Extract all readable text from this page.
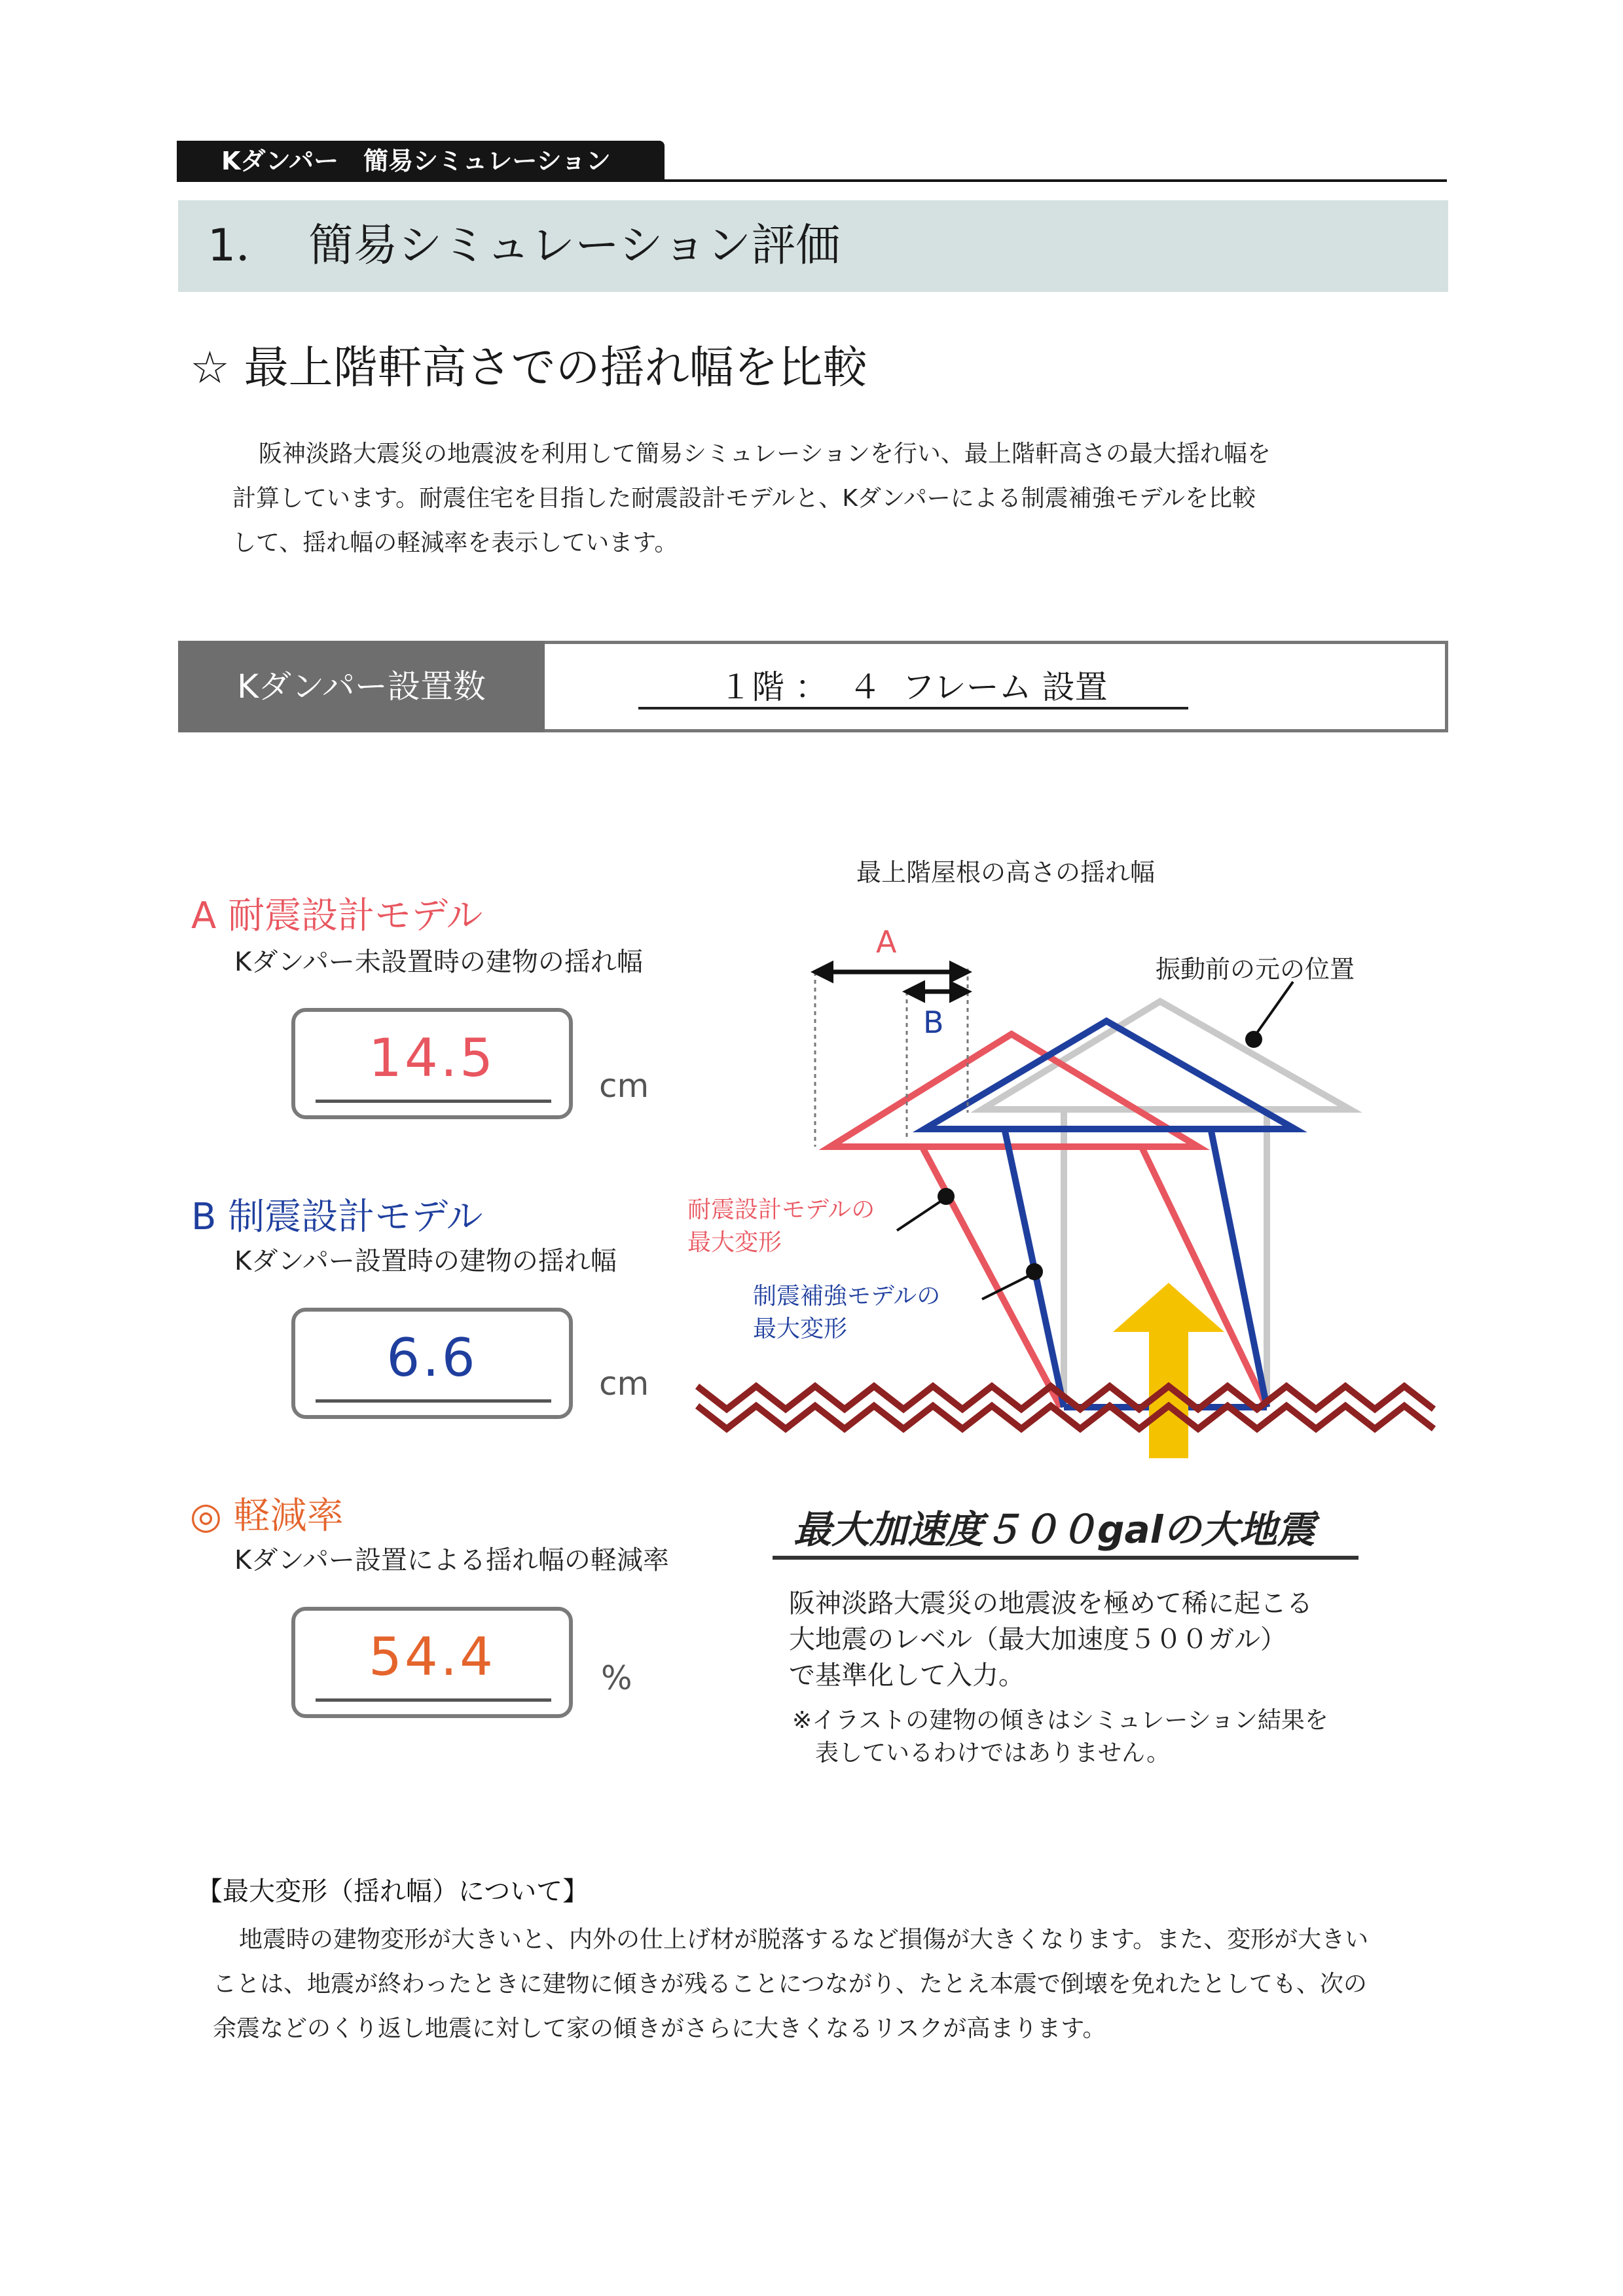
Kダンパー　簡易シミュレーション
1．  簡易シミュレーション評価
☆ 最上階軒高さでの揺れ幅を比較
阪神淡路大震災の地震波を利用して簡易シミュレーションを行い、最上階軒高さの最大揺れ幅を
計算しています。耐震住宅を目指した耐震設計モデルと、Kダンパーによる制震補強モデルを比較
して、揺れ幅の軽減率を表示しています。
Kダンパー設置数	１階 ：  ４  フレーム 設置
A 耐震設計モデル
Kダンパー未設置時の建物の揺れ幅
14.5	cm
B 制震設計モデル
Kダンパー設置時の建物の揺れ幅
6.6	cm
◎ 軽減率
Kダンパー設置による揺れ幅の軽減率
54.4	%
最上階屋根の高さの揺れ幅
A
B
振動前の元の位置
耐震設計モデルの
最大変形
制震補強モデルの
最大変形
最大加速度５００galの大地震
阪神淡路大震災の地震波を極めて稀に起こる
大地震のレベル（最大加速度５００ガル）
で基準化して入力。
※イラストの建物の傾きはシミュレーション結果を
表しているわけではありません。
【最大変形（揺れ幅）について】
地震時の建物変形が大きいと、内外の仕上げ材が脱落するなど損傷が大きくなります。また、変形が大きい
ことは、地震が終わったときに建物に傾きが残ることにつながり、たとえ本震で倒壊を免れたとしても、次の
余震などのくり返し地震に対して家の傾きがさらに大きくなるリスクが高まります。
